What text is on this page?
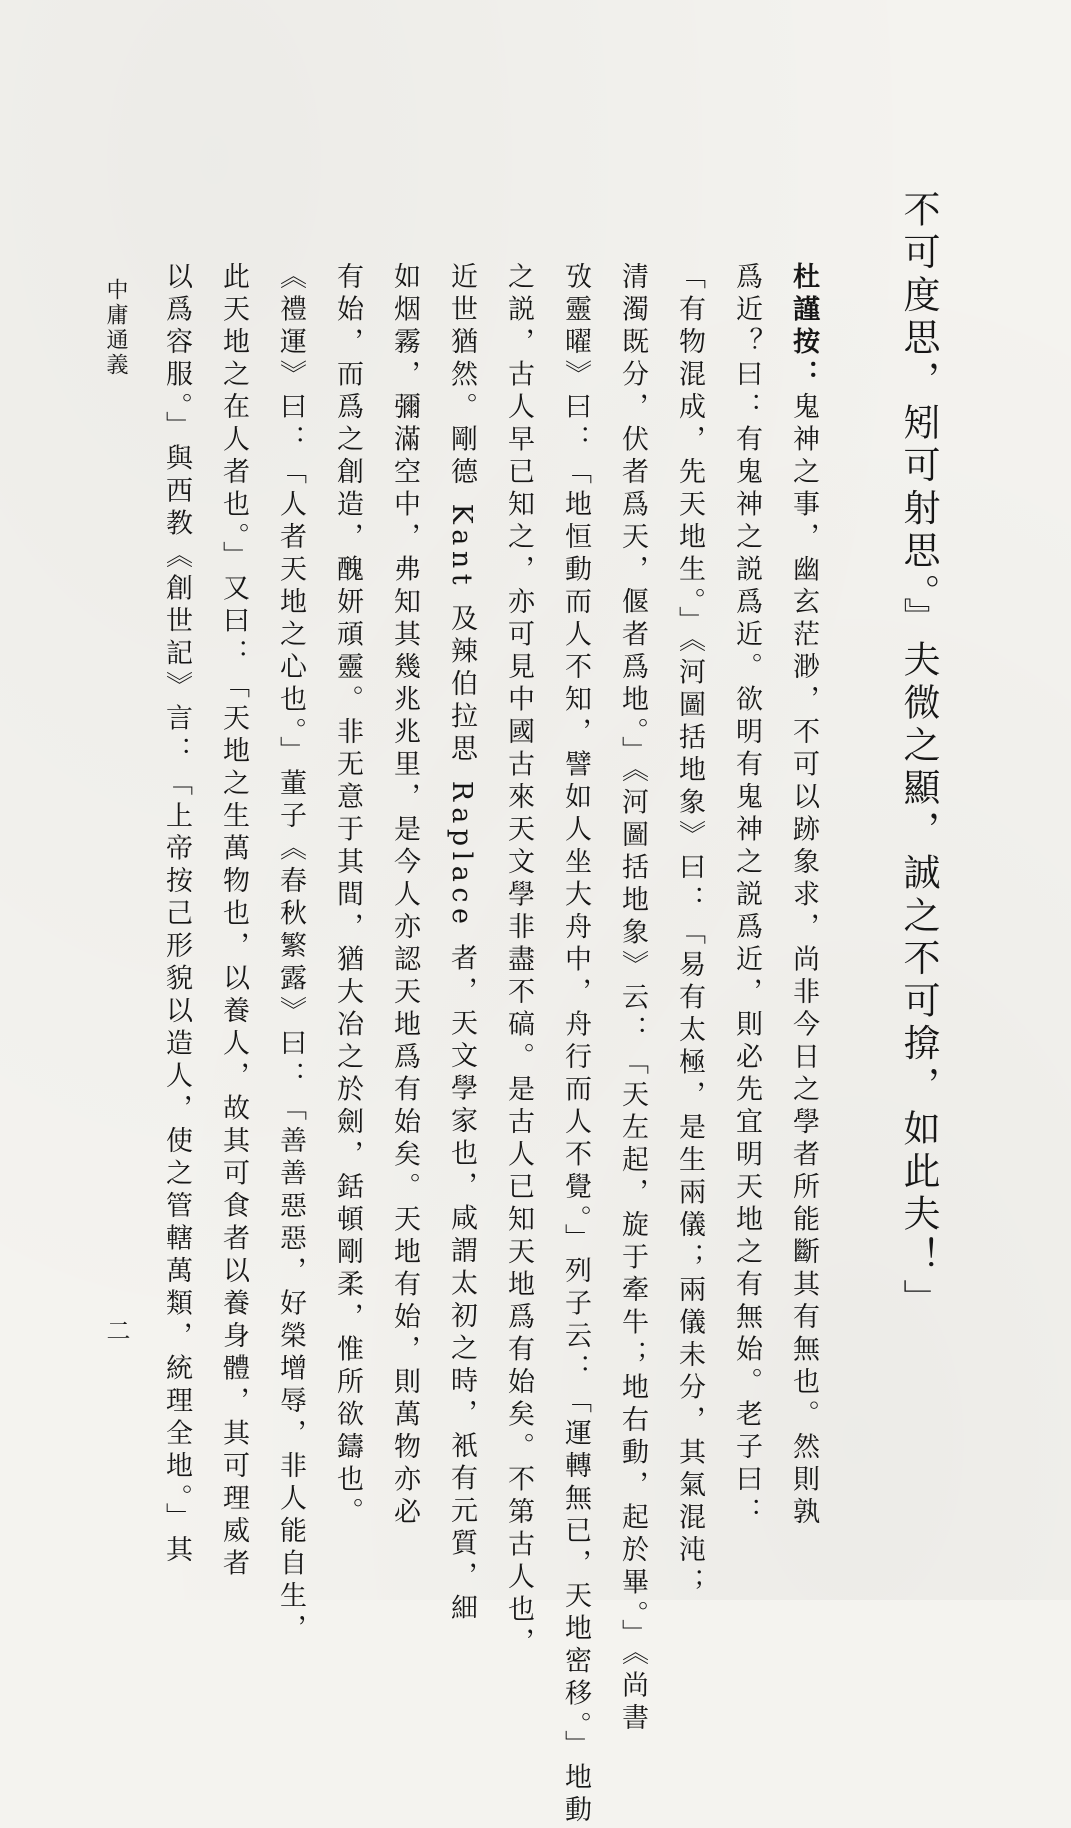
不可度思，矧可射思。』夫微之顯，誠之不可揜，如此夫！」
杜謹按：鬼神之事，幽玄茫渺，不可以跡象求，尚非今日之學者所能斷其有無也。然則孰
爲近？曰：有鬼神之説爲近。欲明有鬼神之説爲近，則必先宜明天地之有無始。老子曰：
「有物混成，先天地生。」《河圖括地象》曰：「易有太極，是生兩儀；兩儀未分，其氣混沌；
清濁既分，伏者爲天，偃者爲地。」《河圖括地象》云：「天左起，旋于牽牛；地右動，起於畢。」《尚書
攷靈曜》曰：「地恒動而人不知，譬如人坐大舟中，舟行而人不覺。」列子云：「運轉無已，天地密移。」地動
之説，古人早已知之，亦可見中國古來天文學非盡不碻。是古人已知天地爲有始矣。不第古人也，
近世猶然。剛德 Kant 及辣伯拉思 Raplace 者，天文學家也，咸謂太初之時，衹有元質，細
如烟霧，彌滿空中，弗知其幾兆兆里，是今人亦認天地爲有始矣。天地有始，則萬物亦必
有始，而爲之創造，醜妍頑靈。非无意于其間，猶大冶之於劍，銛頓剛柔，惟所欲鑄也。
《禮運》曰：「人者天地之心也。」董子《春秋繁露》曰：「善善惡惡，好榮增辱，非人能自生，
此天地之在人者也。」又曰：「天地之生萬物也，以養人，故其可食者以養身體，其可理威者
以爲容服。」與西教《創世記》言：「上帝按己形貌以造人，使之管轄萬類，統理全地。」其
中庸通義
二
